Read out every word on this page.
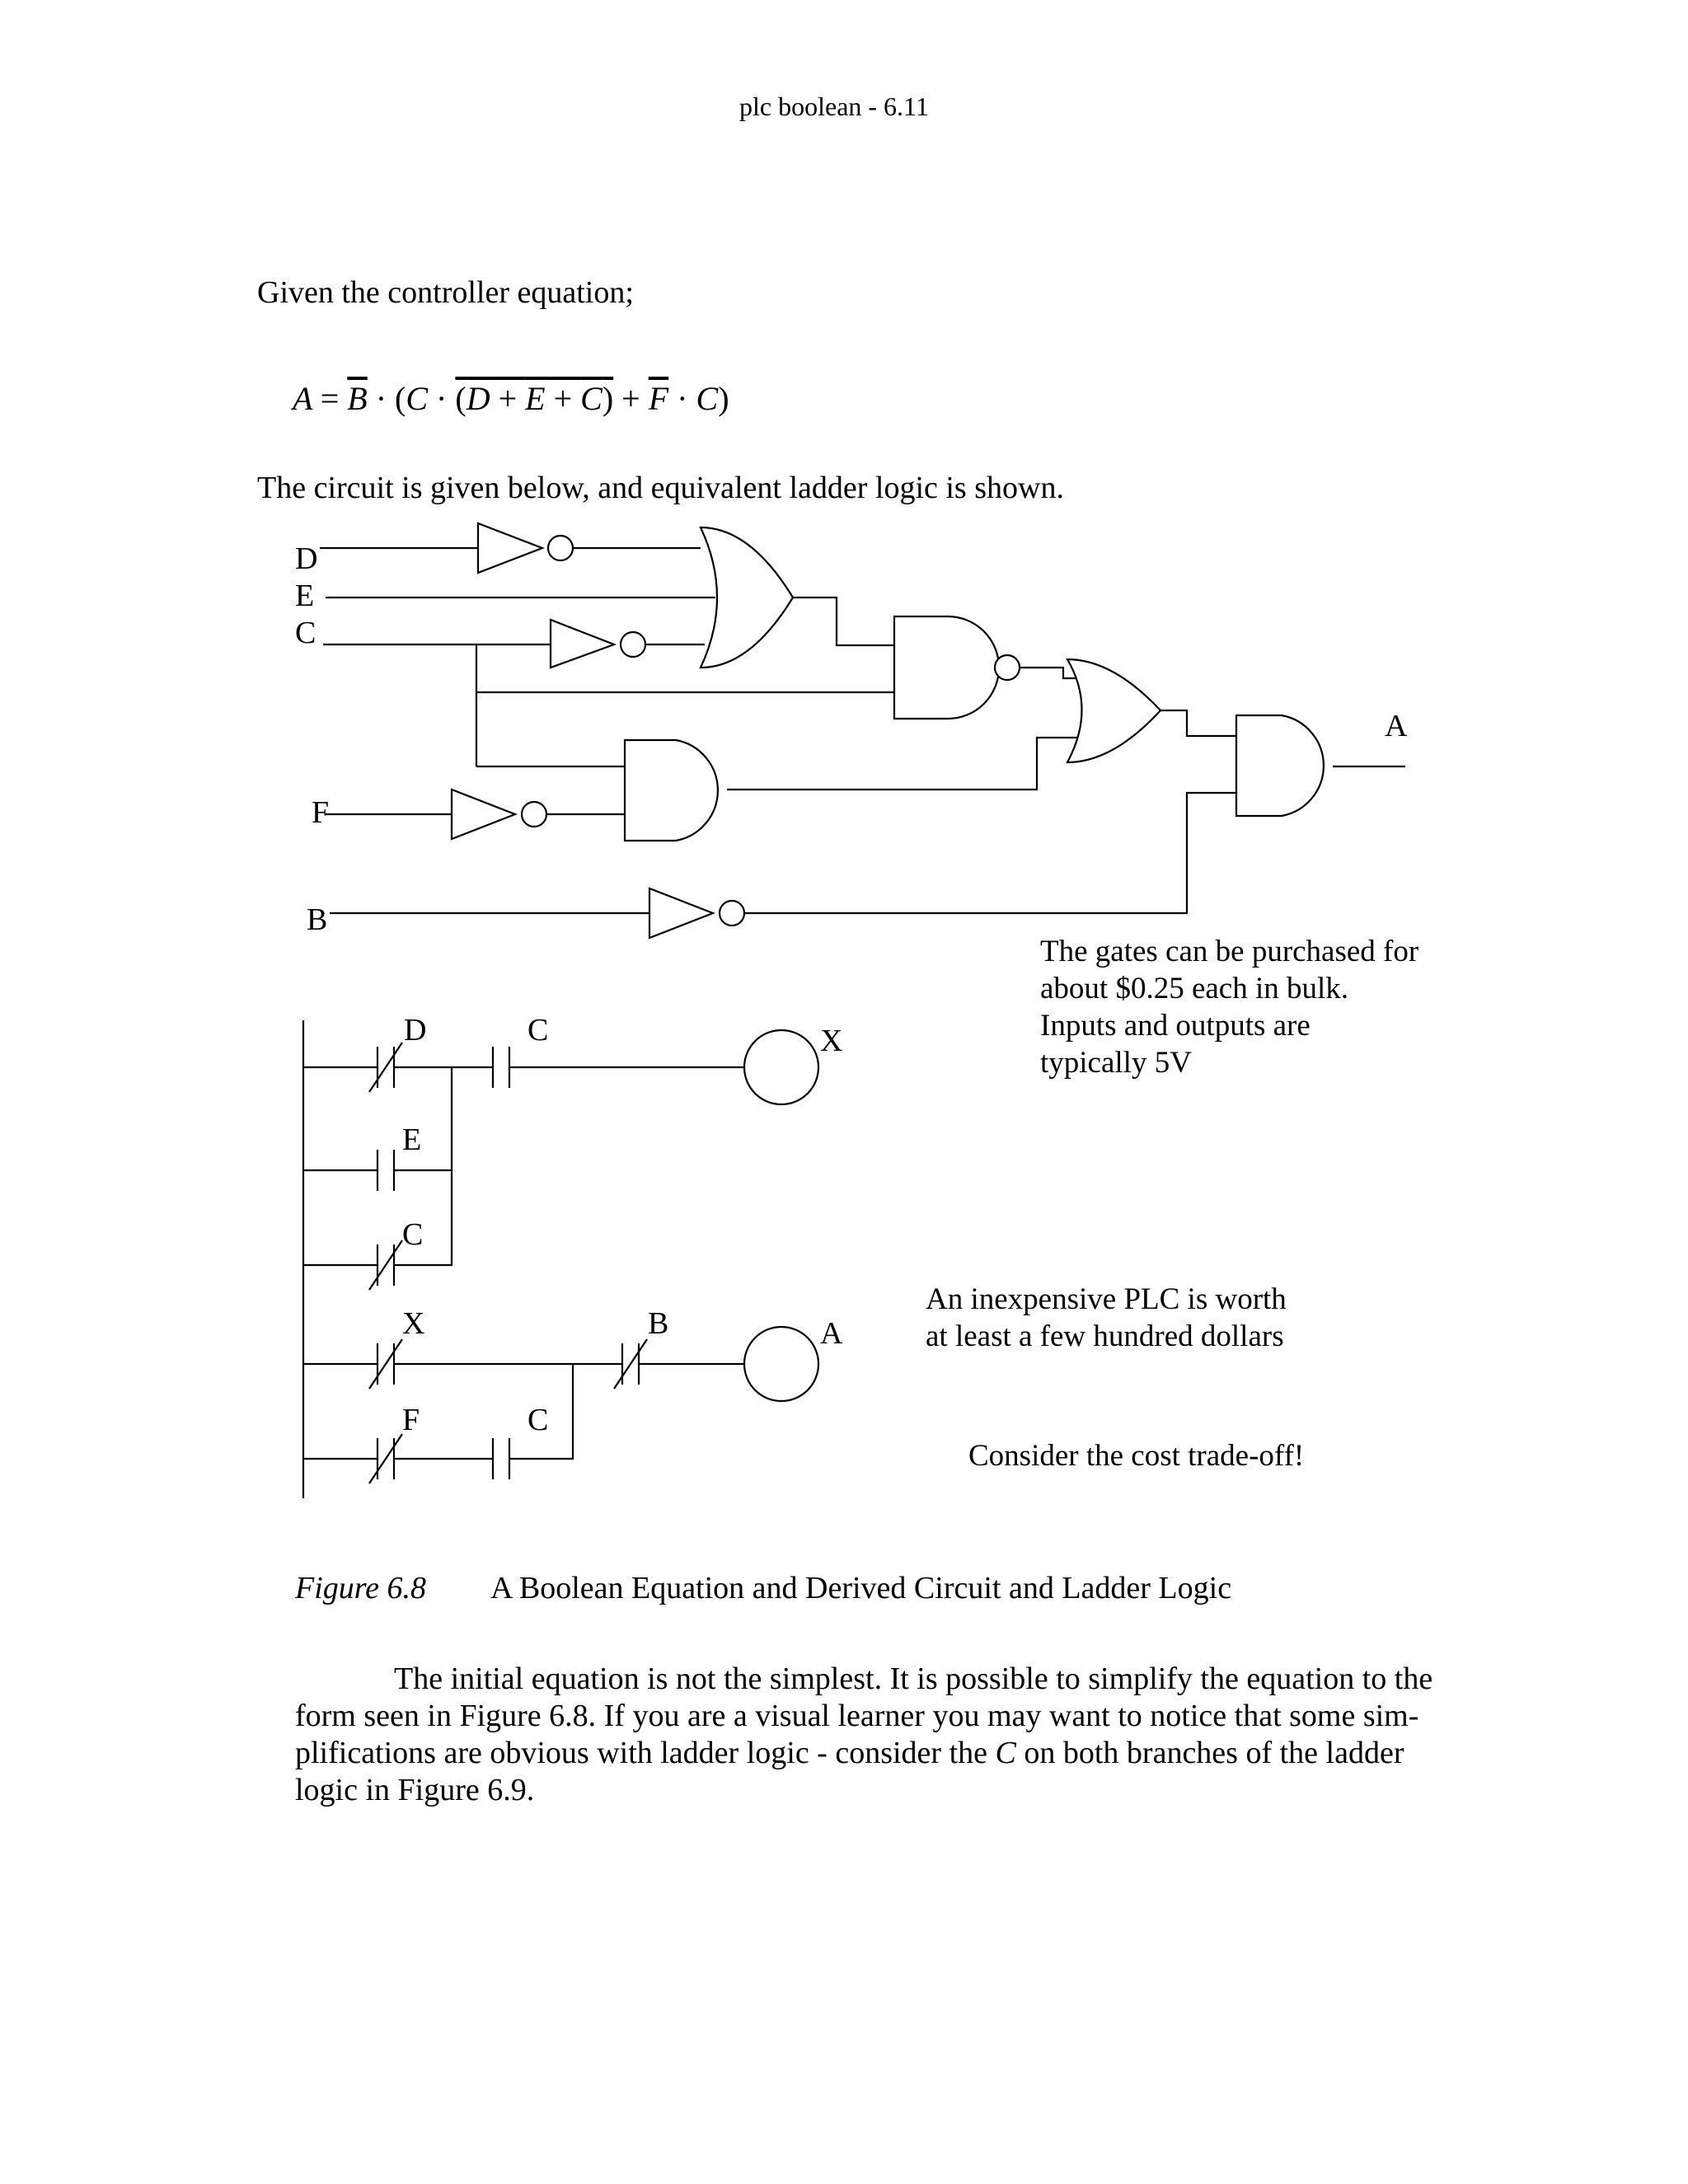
plc boolean - 6.11
Given the controller equation;
$A = \overline{B} \cdot (C \cdot (D + E + C) + \overline{F} \cdot C)$
The circuit is given below, and equivalent ladder logic is shown.
D
E
C
F
B
A
D	C	X
E
C
X	B	A
F	C
The gates can be purchased for
about $0.25 each in bulk.
Inputs and outputs are
typically 5V
An inexpensive PLC is worth
at least a few hundred dollars
Consider the cost trade-off!
Figure 6.8 A Boolean Equation and Derived Circuit and Ladder Logic
The initial equation is not the simplest. It is possible to simplify the equation to the form seen in Figure 6.8. If you are a visual learner you may want to notice that some sim-plifications are obvious with ladder logic - consider the C on both branches of the ladder logic in Figure 6.9.
